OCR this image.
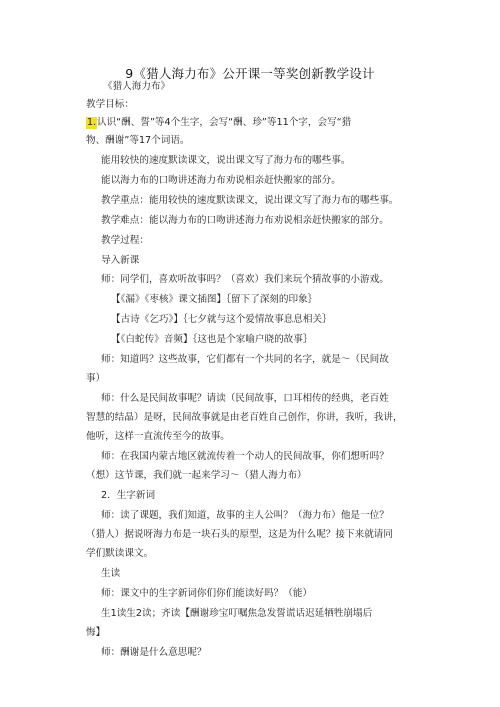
9《猎人海力布》公开课一等奖创新教学设计
《猎人海力布》
教学目标：
1. 认识“酬、誓”等4个生字，会写“酬、珍”等11个字，会写“猎
物、酬谢”等17个词语。
能用较快的速度默读课文，说出课文写了海力布的哪些事。
能以海力布的口吻讲述海力布劝说相亲赶快搬家的部分。
教学重点：能用较快的速度默读课文，说出课文写了海力布的哪些事。
教学难点：能以海力布的口吻讲述海力布劝说相亲赶快搬家的部分。
教学过程：
导入新课
师：同学们，喜欢听故事吗？（喜欢）我们来玩个猜故事的小游戏。
【《漏》《枣核》课文插图】｛留下了深刻的印象｝
【古诗《乞巧》】｛七夕就与这个爱情故事息息相关｝
【《白蛇传》音频】｛这也是个家喻户晓的故事｝
师：知道吗？这些故事，它们都有一个共同的名字，就是～（民间故
事）
师：什么是民间故事呢？请读（民间故事，口耳相传的经典，老百姓
智慧的结晶）是呀，民间故事就是由老百姓自己创作，你讲，我听，我讲，
他听，这样一直流传至今的故事。
师：在我国内蒙古地区就流传着一个动人的民间故事，你们想听吗？
（想）这节课，我们就一起来学习～（猎人海力布）
2．生字新词
师：读了课题，我们知道，故事的主人公叫？（海力布）他是一位？
（猎人）据说呀海力布是一块石头的原型，这是为什么呢？接下来就请同
学们默读课文。
生读
师：课文中的生字新词你们你们能读好吗？（能）
生1读生2读；齐读【酬谢珍宝叮嘱焦急发誓谎话迟延牺牲崩塌后
悔】
师：酬谢是什么意思呢？
